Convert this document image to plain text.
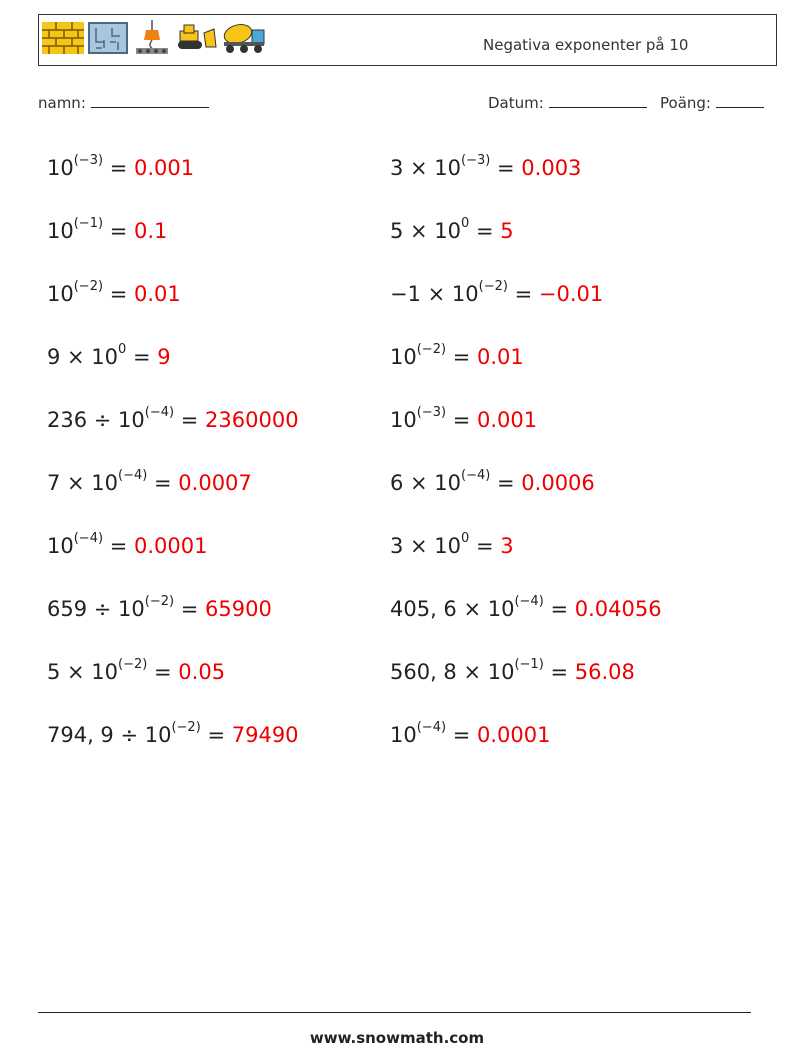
Negativa exponenter på 10
namn:	Datum:	Poäng:
$10^{(-3)} = 0.001$
$10^{(-1)} = 0.1$
$10^{(-2)} = 0.01$
$9 \times 10^0 = 9$
$236 \div 10^{(-4)} = 2360000$
$7 \times 10^{(-4)} = 0.0007$
$10^{(-4)} = 0.0001$
$659 \div 10^{(-2)} = 65900$
$5 \times 10^{(-2)} = 0.05$
794, $9 \div 10^{(-2)} = 79490$
$3 \times 10^{(-3)} = 0.003$
$5 \times 10^0 = 5$
$-1 \times 10^{(-2)} = -0.01$
$10^{(-2)} = 0.01$
$10^{(-3)} = 0.001$
$6 \times 10^{(-4)} = 0.0006$
$3 \times 10^0 = 3$
405, $6 \times 10^{(-4)} = 0.04056$
560, $8 \times 10^{(-1)} = 56.08$
$10^{(-4)} = 0.0001$
www.snowmath.com
